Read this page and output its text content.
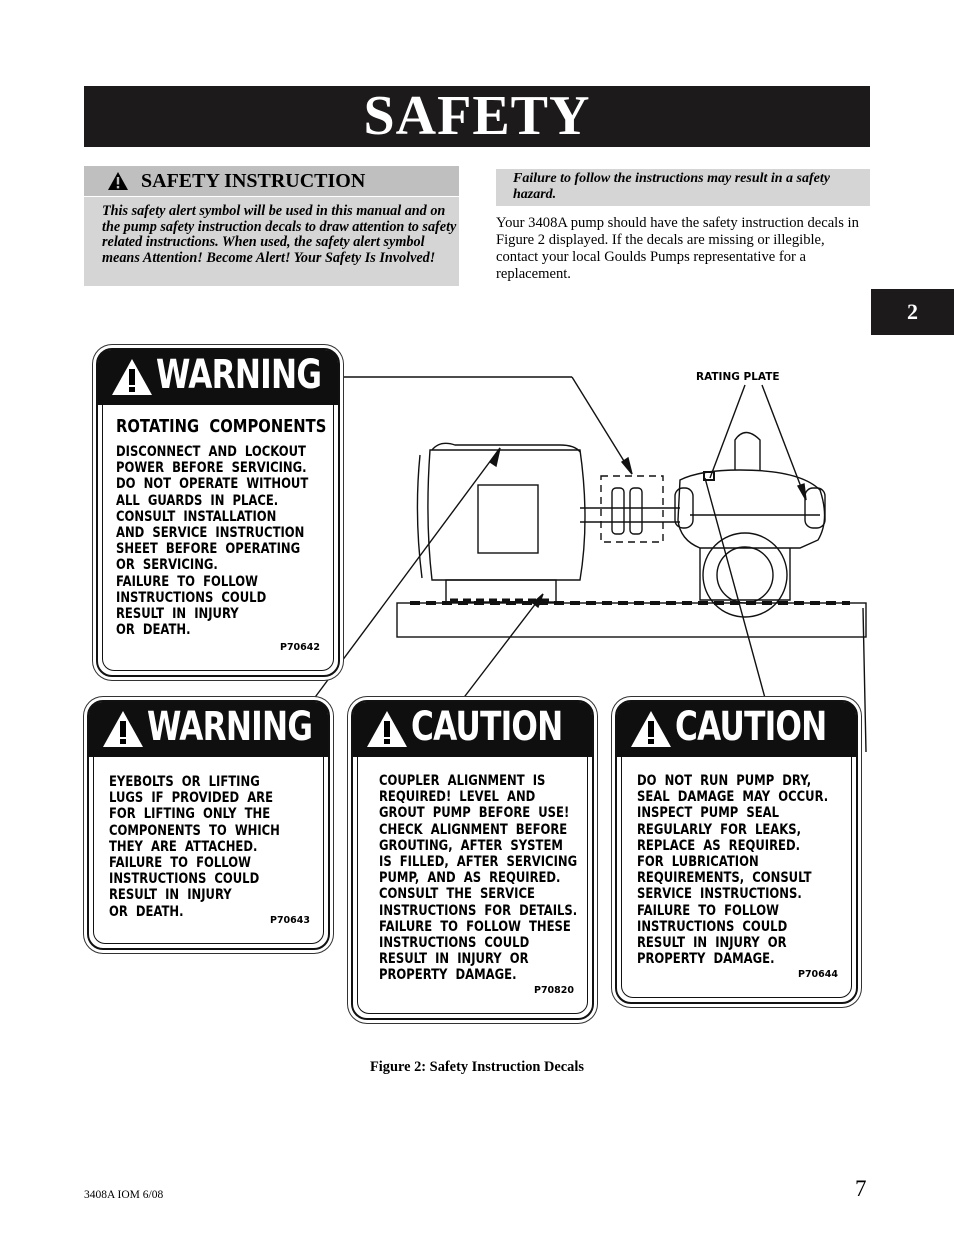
SAFETY
SAFETY INSTRUCTION
This safety alert symbol will be used in this manual and on the pump safety instruction decals to draw attention to safety related instructions. When used, the safety alert symbol means Attention! Become Alert! Your Safety Is Involved!
Failure to follow the instructions may result in a safety hazard.
Your 3408A pump should have the safety instruction decals in Figure 2 displayed. If the decals are missing or illegible, contact your local Goulds Pumps representative for a replacement.
2
RATING PLATE
WARNING
ROTATING  COMPONENTS
DISCONNECT  AND  LOCKOUT
POWER  BEFORE  SERVICING.
DO  NOT  OPERATE  WITHOUT
ALL  GUARDS  IN  PLACE.
CONSULT  INSTALLATION
AND  SERVICE  INSTRUCTION
SHEET  BEFORE  OPERATING
OR  SERVICING.
FAILURE  TO  FOLLOW
INSTRUCTIONS  COULD
RESULT  IN  INJURY
OR  DEATH.
P70642
WARNING
EYEBOLTS  OR  LIFTING
LUGS  IF  PROVIDED  ARE
FOR  LIFTING  ONLY  THE
COMPONENTS  TO  WHICH
THEY  ARE  ATTACHED.
FAILURE  TO  FOLLOW
INSTRUCTIONS  COULD
RESULT  IN  INJURY
OR  DEATH.
P70643
CAUTION
COUPLER  ALIGNMENT  IS
REQUIRED!  LEVEL  AND
GROUT  PUMP  BEFORE  USE!
CHECK  ALIGNMENT  BEFORE
GROUTING,  AFTER  SYSTEM
IS  FILLED,  AFTER  SERVICING
PUMP,  AND  AS  REQUIRED.
CONSULT  THE  SERVICE
INSTRUCTIONS  FOR  DETAILS.
FAILURE  TO  FOLLOW  THESE
INSTRUCTIONS  COULD
RESULT  IN  INJURY  OR
PROPERTY  DAMAGE.
P70820
CAUTION
DO  NOT  RUN  PUMP  DRY,
SEAL  DAMAGE  MAY  OCCUR.
INSPECT  PUMP  SEAL
REGULARLY  FOR  LEAKS,
REPLACE  AS  REQUIRED.
FOR  LUBRICATION
REQUIREMENTS,  CONSULT
SERVICE  INSTRUCTIONS.
FAILURE  TO  FOLLOW
INSTRUCTIONS  COULD
RESULT  IN  INJURY  OR
PROPERTY  DAMAGE.
P70644
Figure 2: Safety Instruction Decals
3408A IOM 6/08	7
